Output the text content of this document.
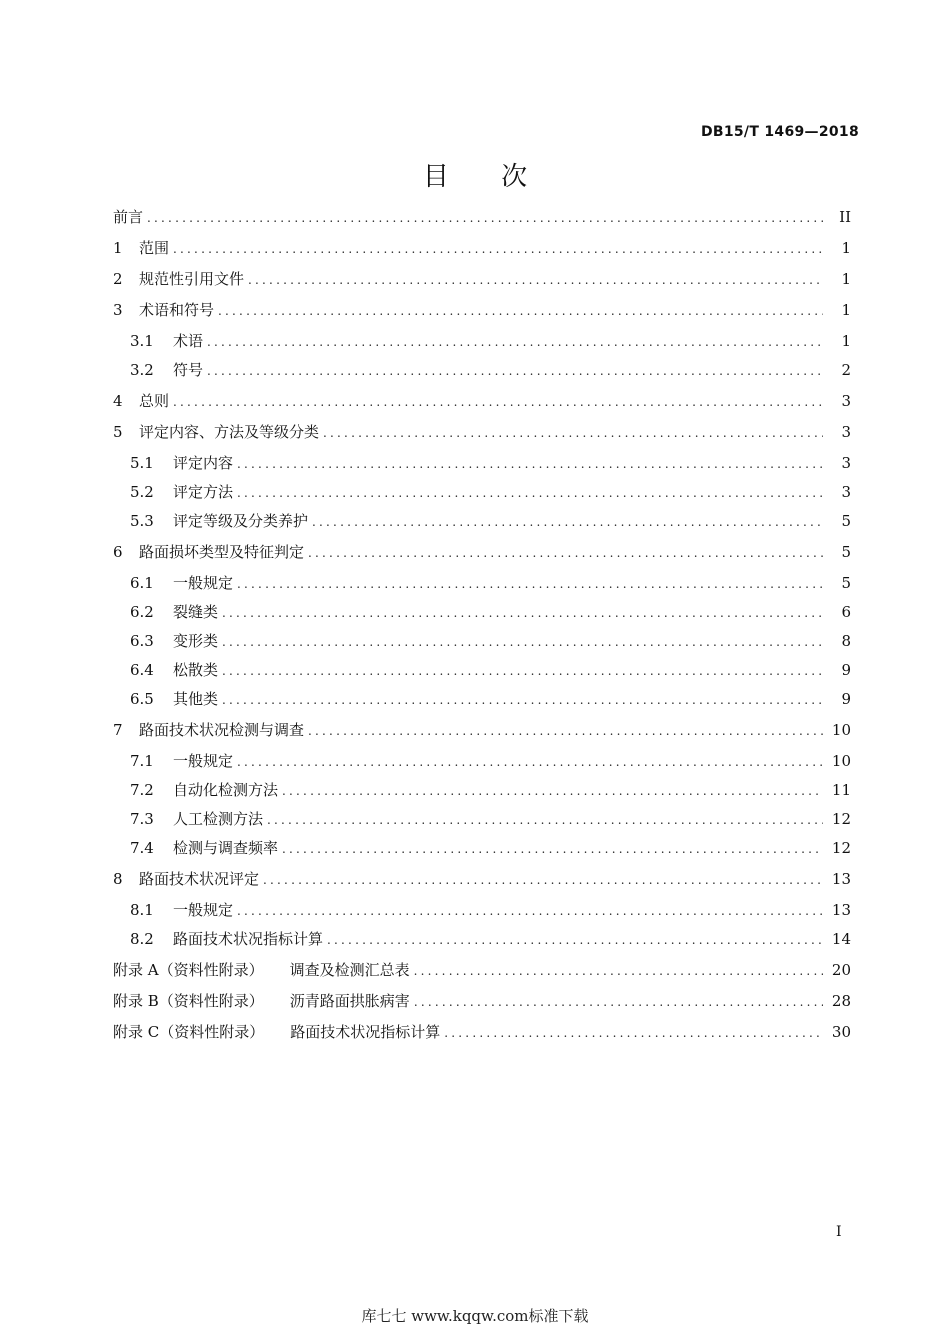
DB15/T 1469—2018
目 次
前言 .....	II
1 范围 .....	1
2 规范性引用文件 .....	1
3 术语和符号 .....	1
3.1 术语 .....	1
3.2 符号 .....	2
4 总则 .....	3
5 评定内容、方法及等级分类 .....	3
5.1 评定内容 .....	3
5.2 评定方法 .....	3
5.3 评定等级及分类养护 .....	5
6 路面损坏类型及特征判定 .....	5
6.1 一般规定 .....	5
6.2 裂缝类 .....	6
6.3 变形类 .....	8
6.4 松散类 .....	9
6.5 其他类 .....	9
7 路面技术状况检测与调查 .....	10
7.1 一般规定 .....	10
7.2 自动化检测方法 .....	11
7.3 人工检测方法 .....	12
7.4 检测与调查频率 .....	12
8 路面技术状况评定 .....	13
8.1 一般规定 .....	13
8.2 路面技术状况指标计算 .....	14
附录 A（资料性附录） 调查及检测汇总表 .....	20
附录 B（资料性附录） 沥青路面拱胀病害 .....	28
附录 C（资料性附录） 路面技术状况指标计算 .....	30
I
库七七 www.kqqw.com标准下载
